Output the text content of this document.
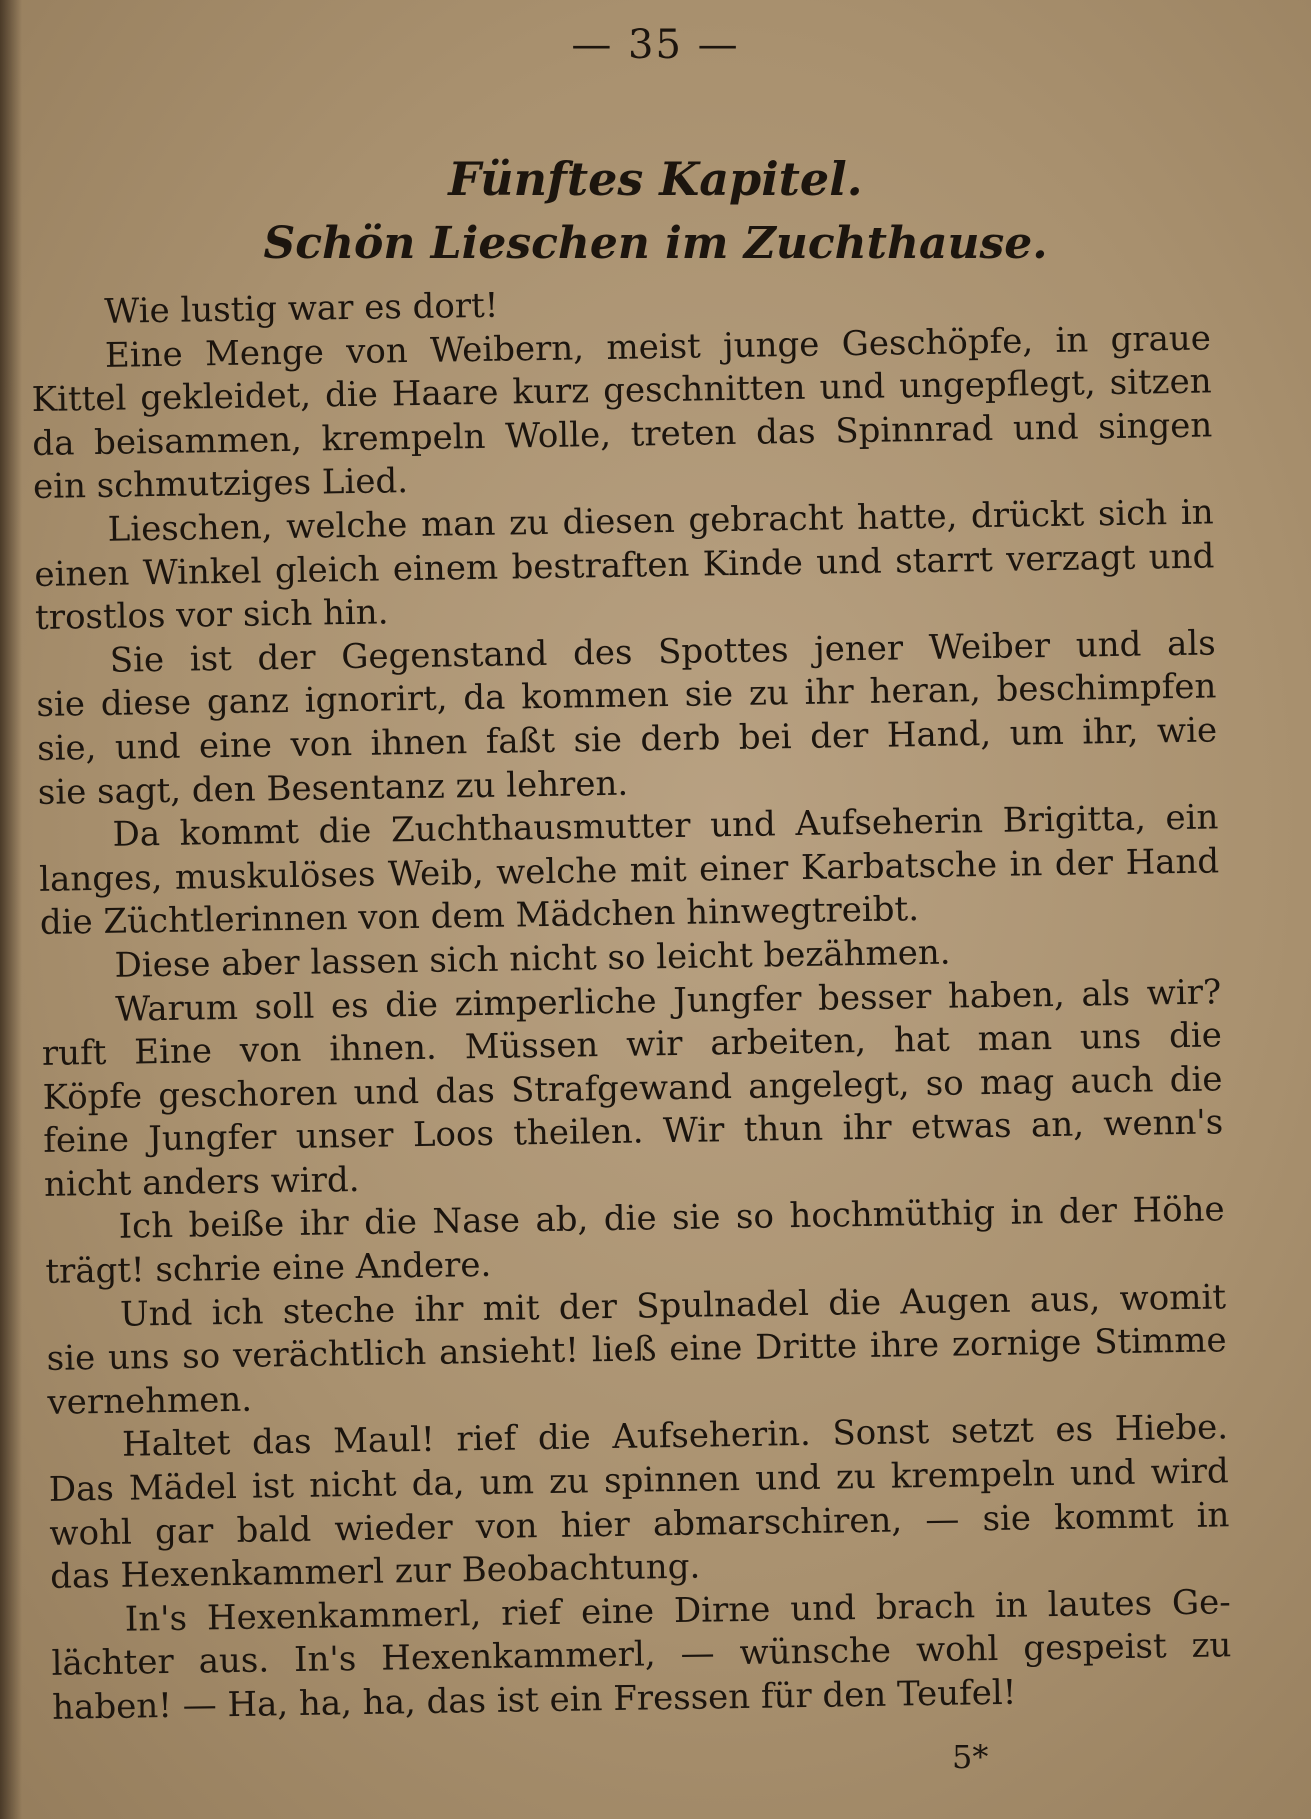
— 35 —
Fünftes Kapitel.
Schön Lieschen im Zuchthause.
Wie lustig war es dort!
Eine Menge von Weibern, meist junge Geschöpfe, in graue
Kittel gekleidet, die Haare kurz geschnitten und ungepflegt, sitzen
da beisammen, krempeln Wolle, treten das Spinnrad und singen
ein schmutziges Lied.
Lieschen, welche man zu diesen gebracht hatte, drückt sich in
einen Winkel gleich einem bestraften Kinde und starrt verzagt und
trostlos vor sich hin.
Sie ist der Gegenstand des Spottes jener Weiber und als
sie diese ganz ignorirt, da kommen sie zu ihr heran, beschimpfen
sie, und eine von ihnen faßt sie derb bei der Hand, um ihr, wie
sie sagt, den Besentanz zu lehren.
Da kommt die Zuchthausmutter und Aufseherin Brigitta, ein
langes, muskulöses Weib, welche mit einer Karbatsche in der Hand
die Züchtlerinnen von dem Mädchen hinwegtreibt.
Diese aber lassen sich nicht so leicht bezähmen.
Warum soll es die zimperliche Jungfer besser haben, als wir?
ruft Eine von ihnen. Müssen wir arbeiten, hat man uns die
Köpfe geschoren und das Strafgewand angelegt, so mag auch die
feine Jungfer unser Loos theilen. Wir thun ihr etwas an, wenn's
nicht anders wird.
Ich beiße ihr die Nase ab, die sie so hochmüthig in der Höhe
trägt! schrie eine Andere.
Und ich steche ihr mit der Spulnadel die Augen aus, womit
sie uns so verächtlich ansieht! ließ eine Dritte ihre zornige Stimme
vernehmen.
Haltet das Maul! rief die Aufseherin. Sonst setzt es Hiebe.
Das Mädel ist nicht da, um zu spinnen und zu krempeln und wird
wohl gar bald wieder von hier abmarschiren, — sie kommt in
das Hexenkammerl zur Beobachtung.
In's Hexenkammerl, rief eine Dirne und brach in lautes Ge-
lächter aus. In's Hexenkammerl, — wünsche wohl gespeist zu
haben! — Ha, ha, ha, das ist ein Fressen für den Teufel!
5*
